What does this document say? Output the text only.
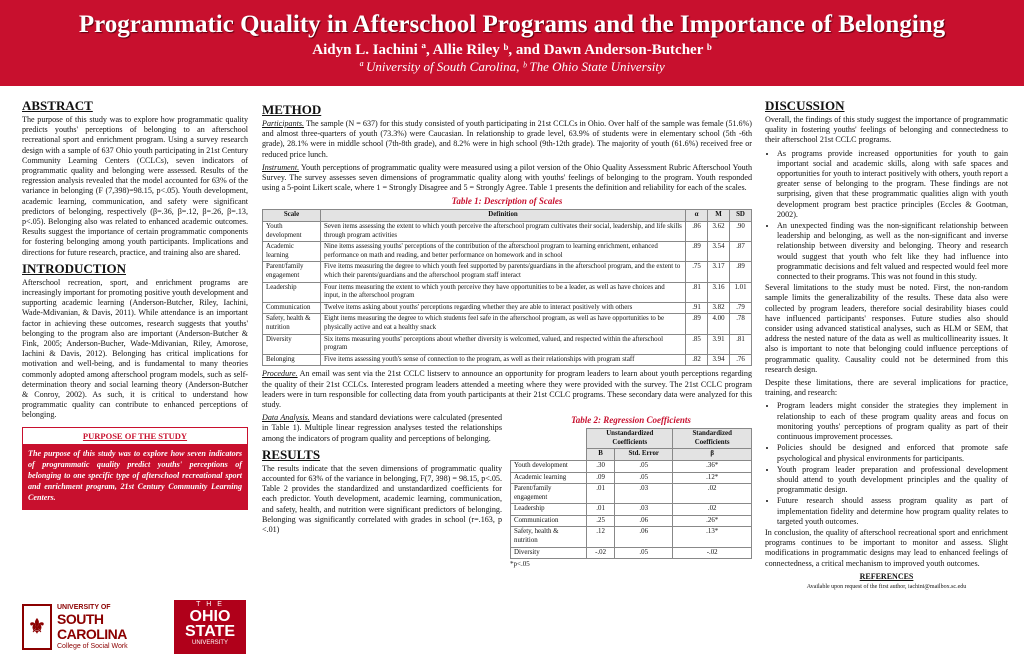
Programmatic Quality in Afterschool Programs and the Importance of Belonging
Aidyn L. Iachini ª, Allie Riley ᵇ, and Dawn Anderson-Butcher ᵇ
ª University of South Carolina, ᵇ The Ohio State University
ABSTRACT

The purpose of this study was to explore how programmatic quality predicts youths' perceptions of belonging to an afterschool recreational sport and enrichment program. Using a survey research design with a sample of 637 Ohio youth participating in 21st Century Community Learning Centers (CCLCs), seven indicators of programmatic quality and belonging were assessed. Results of the regression analysis revealed that the model accounted for 63% of the variance in belonging (F (7,398)=98.15, p<.05). Youth development, academic learning, communication, and safety were significant predictors of belonging, respectively (β=.36, β=.12, β=.26, β=.13, p<.05). Belonging also was related to enhanced academic outcomes. Results suggest the importance of certain programmatic components for fostering belonging among youth participants. Implications and directions for future research, practice, and training also are shared.

INTRODUCTION

Afterschool recreation, sport, and enrichment programs are increasingly important for promoting positive youth development and supporting academic learning (Anderson-Butcher, Riley, Iachini, Wade-Mdivanian, & Davis, 2011). While attendance is an important factor in achieving these outcomes, research suggests that youths' belonging to the program also are important (Anderson-Butcher & Fink, 2005; Anderson-Bucher, Wade-Mdivanian, Riley, Amorose, Iachini & Davis, 2012). Belonging has critical implications for motivation and well-being, and is fundamental to many theories commonly adopted among afterschool program models, such as self-determination theory and social learning theory (Anderson-Butcher & Conroy, 2002). As such, it is critical to understand how programmatic quality can contribute to enhanced perceptions of belonging.

PURPOSE OF THE STUDY
The purpose of this study was to explore how seven indicators of programmatic quality predict youths' perceptions of belonging to one specific type of afterschool recreational sport and enrichment program, 21st Century Community Learning Centers.
⚜
UNIVERSITY OF
SOUTH CAROLINA
College of Social Work
T H E
OHIO STATE
UNIVERSITY
METHOD

Participants. The sample (N = 637) for this study consisted of youth participating in 21st CCLCs in Ohio. Over half of the sample was female (51.6%) and almost three-quarters of youth (73.3%) were Caucasian. In relationship to grade level, 63.9% of students were in elementary school (5th -6th grade), 28.1% were in middle school (7th-8th grade), and 8.2% were in high school (9th-12th grade). The majority of youth (61.6%) received free or reduced price lunch.

Instrument. Youth perceptions of programmatic quality were measured using a pilot version of the Ohio Quality Assessment Rubric Afterschool Youth Survey. The survey assesses seven dimensions of programmatic quality along with youths' feelings of belonging to the program. Youth responded using a 5-point Likert scale, where 1 = Strongly Disagree and 5 = Strongly Agree. Table 1 presents the definition and reliability for each of the scales.

Table 1: Description of Scales
Scale	Definition	α	M	SD
Youth development	Seven items assessing the extent to which youth perceive the afterschool program cultivates their social, leadership, and life skills through program activities	.86	3.62	.90
Academic learning	Nine items assessing youths' perceptions of the contribution of the afterschool program to learning enrichment, enhanced performance on math and reading, and better performance on homework and in school	.89	3.54	.87
Parent/family engagement	Five items measuring the degree to which youth feel supported by parents/guardians in the afterschool program, and the extent to which their parents/guardians and the afterschool program staff interact	.75	3.17	.89
Leadership	Four items measuring the extent to which youth perceive they have opportunities to be a leader, as well as have choices and input, in the afterschool program	.81	3.16	1.01
Communication	Twelve items asking about youths' perceptions regarding whether they are able to interact positively with others	.91	3.82	.79
Safety, health & nutrition	Eight items measuring the degree to which students feel safe in the afterschool program, as well as have opportunities to be physically active and eat a healthy snack	.89	4.00	.78
Diversity	Six items measuring youths' perceptions about whether diversity is welcomed, valued, and respected within the afterschool program	.85	3.91	.81
Belonging	Five items assessing youth's sense of connection to the program, as well as their relationships with program staff	.82	3.94	.76

Procedure. An email was sent via the 21st CCLC listserv to announce an opportunity for program leaders to learn about youth perceptions regarding the quality of their 21st CCLCs. Interested program leaders attended a meeting where they were provided with the survey. The 21st CCLC program leaders were in turn responsible for collecting data from youth participants at their 21st CCLC programs. These secondary data were analyzed for this study.

Data Analysis. Means and standard deviations were calculated (presented in Table 1). Multiple linear regression analyses tested the relationships among the indicators of program quality and perceptions of belonging.

RESULTS

The results indicate that the seven dimensions of programmatic quality accounted for 63% of the variance in belonging, F(7, 398) = 98.15, p<.05. Table 2 provides the standardized and unstandardized coefficients for each predictor. Youth development, academic learning, communication, and safety, health, and nutrition were significant predictors of belonging. Belonging was significantly correlated with grades in school (r=.163, p <.01)

Table 2: Regression Coefficients
	Unstandardized Coefficients		Standardized Coefficients
	B	Std. Error	β
Youth development	.30	.05	.36*
Academic learning	.09	.05	.12*
Parent/family engagement	.01	.03	.02
Leadership	.01	.03	.02
Communication	.25	.06	.26*
Safety, health & nutrition	.12	.06	.13*
Diversity	-.02	.05	-.02
*p<.05
DISCUSSION

Overall, the findings of this study suggest the importance of programmatic quality in fostering youths' feelings of belonging and connectedness to their afterschool 21st CCLC programs.

• As programs provide increased opportunities for youth to gain important social and academic skills, along with safe spaces and opportunities for youth to interact positively with others, youth report a greater sense of belonging to the program. These findings are not surprising, given that these programmatic qualities align with youth development program best practice principles (Eccles & Gootman, 2002).
• An unexpected finding was the non-significant relationship between leadership and belonging, as well as the non-significant and inverse relationship between diversity and belonging. Theory and research would suggest that youth who felt like they had influence into programmatic decisions and felt valued and respected would feel more connected to their programs. This was not found in this study.

Several limitations to the study must be noted. First, the non-random sample limits the generalizability of the results. These data also were collected by program leaders, therefore social desirability biases could have influenced participants' responses. Future studies also should consider using advanced statistical analyses, such as HLM or SEM, that address the nested nature of the data as well as multicollinearity issues. It also is important to note that belonging could influence perceptions of programmatic quality. Causality could not be determined from this research design.

Despite these limitations, there are several implications for practice, training, and research:

• Program leaders might consider the strategies they implement in relationship to each of these program quality areas and focus on monitoring youths' perceptions of program quality as part of their continuous improvement processes.
• Policies should be designed and enforced that promote safe psychological and physical environments for participants.
• Youth program leader preparation and professional development should attend to youth development principles and the quality of programmatic design.
• Future research should assess program quality as part of implementation fidelity and determine how program quality relates to targeted youth outcomes.

In conclusion, the quality of afterschool recreational sport and enrichment programs continues to be important to monitor and assess. Slight modifications in programmatic designs may lead to enhanced feelings of connectedness, a critical mechanism to improved youth outcomes.

REFERENCES
Available upon request of the first author, iachini@mailbox.sc.edu
